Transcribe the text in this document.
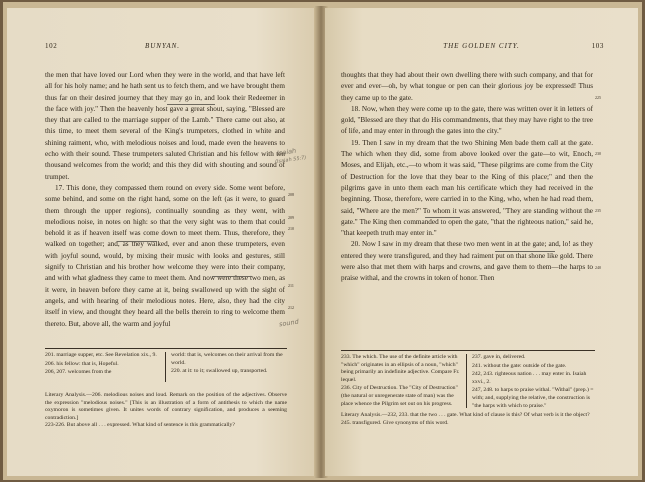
102	BUNYAN.

the men that have loved our Lord when they were in the world, and that have left all for his holy name; and he hath sent us to fetch them, and we have brought them thus far on their desired journey that they may go in, and look their Redeemer in the face with joy." Then the heavenly host gave a great shout, saying, "Blessed are they that are called to the marriage supper of the Lamb." There came out also, at this time, to meet them several of the King's trumpeters, clothed in white and shining raiment, who, with melodious noises and loud, made even the heavens to echo with their sound. These trumpeters saluted Christian and his fellow with ten thousand welcomes from the world; and this they did with shouting and sound of trumpet.

17. This done, they compassed them round on every side. Some went before, some behind, and some on the right hand, some on the left (as it were, to guard them through the upper regions), continually sounding as they went, with melodious noise, in notes on high: so that the very sight was to them that could behold it as if heaven itself was come down to meet them. Thus, therefore, they walked on together; and, as they walked, ever and anon these trumpeters, even with joyful sound, would, by mixing their music with looks and gestures, still signify to Christian and his brother how welcome they were into their company, and with what gladness they came to meet them. And now were these two men, as it were, in heaven before they came at it, being swallowed up with the sight of angels, and with hearing of their melodious notes. Here, also, they had the city itself in view, and thought they heard all the bells therein to ring to welcome them thereto. But, above all, the warm and joyful

208
209
210
211
212
Isaiah
(Isaiah 55:7)
sound

201. marriage supper, etc. See Revelation xix., 9.

206. his fellow: that is, Hopeful.

206, 207. welcomes from the

world: that is, welcomes on their arrival from the world.

220. at it: to it; swallowed up, transported.

Literary Analysis.—206. melodious noises and loud. Remark on the position of the adjectives. Observe the expression "melodious noises." [This is an illustration of a form of antithesis to which the name oxymoron is sometimes given. It unites words of contrary signification, and produces a seeming contradiction.]

223-226. But above all . . . expressed. What kind of sentence is this grammatically?

THE GOLDEN CITY.	103

thoughts that they had about their own dwelling there with such company, and that for ever and ever—oh, by what tongue or pen can their glorious joy be expressed! Thus they came up to the gate.

18. Now, when they were come up to the gate, there was written over it in letters of gold, "Blessed are they that do His commandments, that they may have right to the tree of life, and may enter in through the gates into the city."

19. Then I saw in my dream that the two Shining Men bade them call at the gate. The which when they did, some from above looked over the gate—to wit, Enoch, Moses, and Elijah, etc.,—to whom it was said, "These pilgrims are come from the City of Destruction for the love that they bear to the King of this place;" and then the pilgrims gave in unto them each man his certificate which they had received in the beginning. Those, therefore, were carried in to the King, who, when he had read them, said, "Where are the men?" To whom it was answered, "They are standing without the gate." The King then commanded to open the gate, "that the righteous nation," said he, "that keepeth truth may enter in."

20. Now I saw in my dream that these two men went in at the gate; and, lo! as they entered they were transfigured, and they had raiment put on that shone like gold. There were also that met them with harps and crowns, and gave them to them—the harps to praise withal, and the crowns in token of honor. Then

225
230
235
240

233. The which. The use of the definite article with "which" originates in an ellipsis of a noun, "which" being primarily an indefinite adjective. Compare Fr. lequel.

236. City of Destruction. The "City of Destruction" (the natural or unregenerate state of man) was the place whence the Pilgrim set out on his progress.

237. gave in, delivered.

241. without the gate: outside of the gate.

242, 243. righteous nation . . . may enter in. Isaiah xxvi., 2.

247, 248. to harps to praise withal. "Withal" (prep.) = with; and, supplying the relative, the construction is "the harps with which to praise."

Literary Analysis.—232, 233. that the two . . . gate. What kind of clause is this? Of what verb is it the object?

245. transfigured. Give synonyms of this word.
